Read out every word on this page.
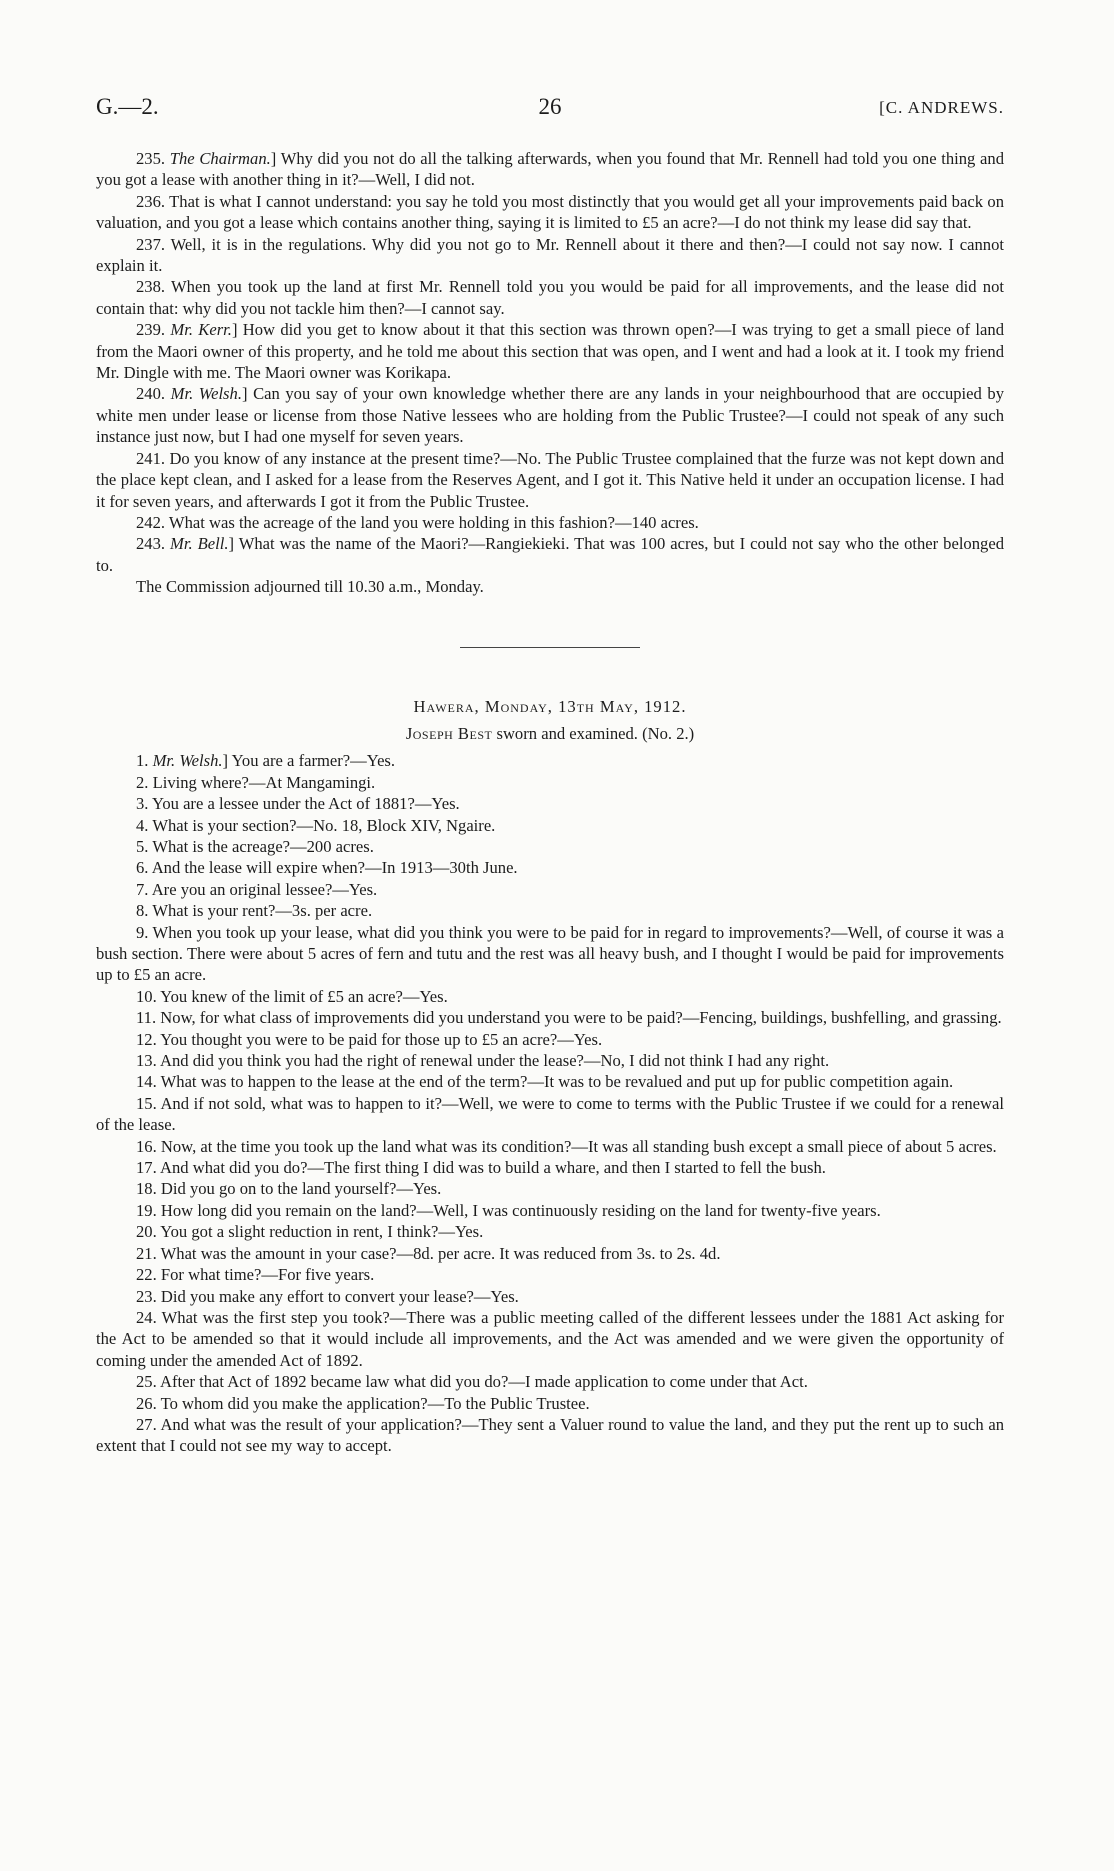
G.—2.	26	[C. ANDREWS.

235. The Chairman.] Why did you not do all the talking afterwards, when you found that Mr. Rennell had told you one thing and you got a lease with another thing in it?—Well, I did not.

236. That is what I cannot understand: you say he told you most distinctly that you would get all your improvements paid back on valuation, and you got a lease which contains another thing, saying it is limited to £5 an acre?—I do not think my lease did say that.

237. Well, it is in the regulations. Why did you not go to Mr. Rennell about it there and then?—I could not say now. I cannot explain it.

238. When you took up the land at first Mr. Rennell told you you would be paid for all improvements, and the lease did not contain that: why did you not tackle him then?—I cannot say.

239. Mr. Kerr.] How did you get to know about it that this section was thrown open?—I was trying to get a small piece of land from the Maori owner of this property, and he told me about this section that was open, and I went and had a look at it. I took my friend Mr. Dingle with me. The Maori owner was Korikapa.

240. Mr. Welsh.] Can you say of your own knowledge whether there are any lands in your neighbourhood that are occupied by white men under lease or license from those Native lessees who are holding from the Public Trustee?—I could not speak of any such instance just now, but I had one myself for seven years.

241. Do you know of any instance at the present time?—No. The Public Trustee complained that the furze was not kept down and the place kept clean, and I asked for a lease from the Reserves Agent, and I got it. This Native held it under an occupation license. I had it for seven years, and afterwards I got it from the Public Trustee.

242. What was the acreage of the land you were holding in this fashion?—140 acres.

243. Mr. Bell.] What was the name of the Maori?—Rangiekieki. That was 100 acres, but I could not say who the other belonged to.

The Commission adjourned till 10.30 a.m., Monday.

Hawera, Monday, 13th May, 1912.

Joseph Best sworn and examined. (No. 2.)

1. Mr. Welsh.] You are a farmer?—Yes.

2. Living where?—At Mangamingi.

3. You are a lessee under the Act of 1881?—Yes.

4. What is your section?—No. 18, Block XIV, Ngaire.

5. What is the acreage?—200 acres.

6. And the lease will expire when?—In 1913—30th June.

7. Are you an original lessee?—Yes.

8. What is your rent?—3s. per acre.

9. When you took up your lease, what did you think you were to be paid for in regard to improvements?—Well, of course it was a bush section. There were about 5 acres of fern and tutu and the rest was all heavy bush, and I thought I would be paid for improvements up to £5 an acre.

10. You knew of the limit of £5 an acre?—Yes.

11. Now, for what class of improvements did you understand you were to be paid?—Fencing, buildings, bushfelling, and grassing.

12. You thought you were to be paid for those up to £5 an acre?—Yes.

13. And did you think you had the right of renewal under the lease?—No, I did not think I had any right.

14. What was to happen to the lease at the end of the term?—It was to be revalued and put up for public competition again.

15. And if not sold, what was to happen to it?—Well, we were to come to terms with the Public Trustee if we could for a renewal of the lease.

16. Now, at the time you took up the land what was its condition?—It was all standing bush except a small piece of about 5 acres.

17. And what did you do?—The first thing I did was to build a whare, and then I started to fell the bush.

18. Did you go on to the land yourself?—Yes.

19. How long did you remain on the land?—Well, I was continuously residing on the land for twenty-five years.

20. You got a slight reduction in rent, I think?—Yes.

21. What was the amount in your case?—8d. per acre. It was reduced from 3s. to 2s. 4d.

22. For what time?—For five years.

23. Did you make any effort to convert your lease?—Yes.

24. What was the first step you took?—There was a public meeting called of the different lessees under the 1881 Act asking for the Act to be amended so that it would include all improvements, and the Act was amended and we were given the opportunity of coming under the amended Act of 1892.

25. After that Act of 1892 became law what did you do?—I made application to come under that Act.

26. To whom did you make the application?—To the Public Trustee.

27. And what was the result of your application?—They sent a Valuer round to value the land, and they put the rent up to such an extent that I could not see my way to accept.
